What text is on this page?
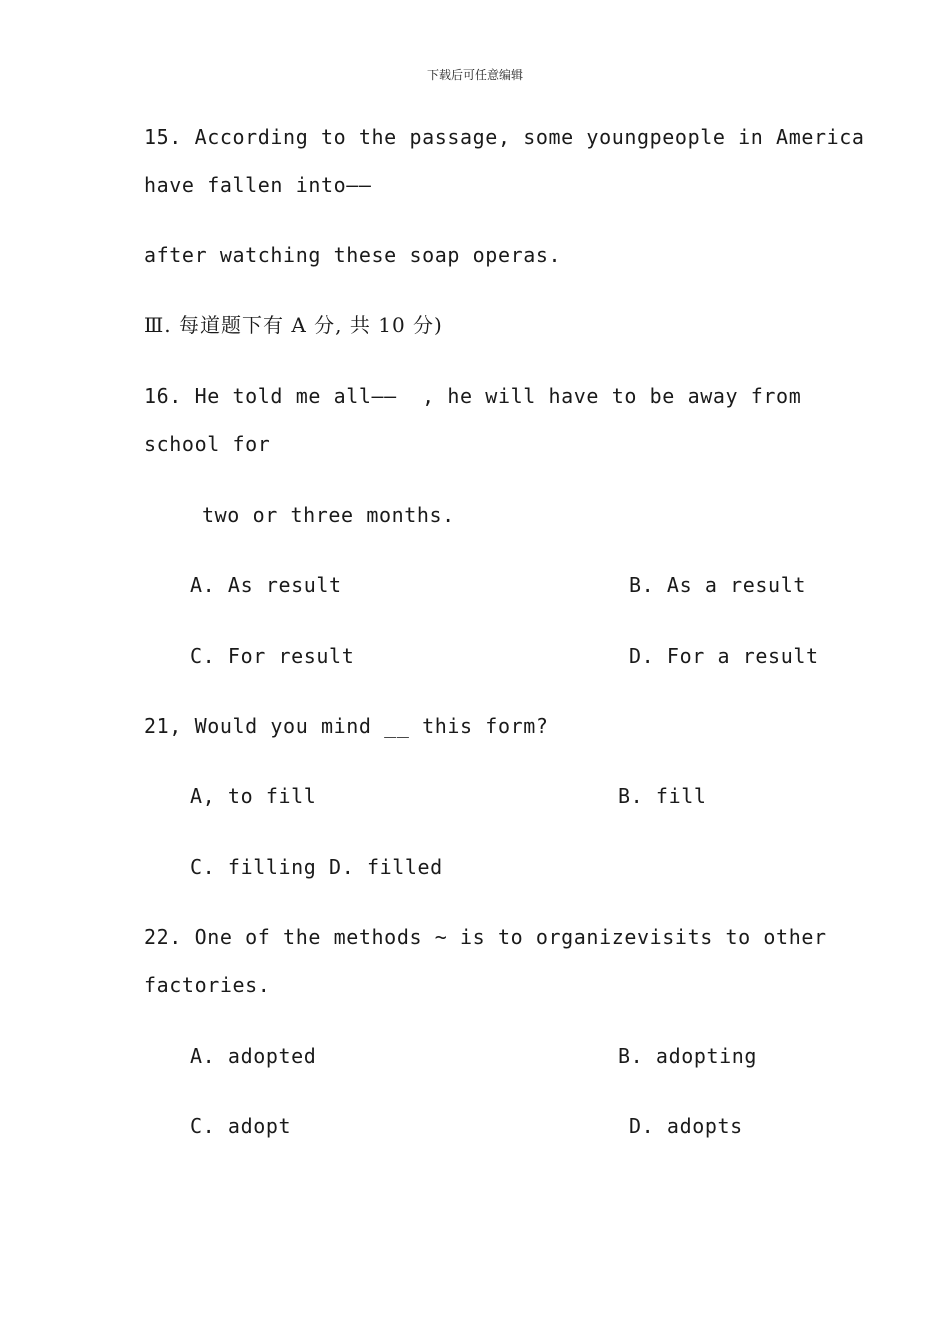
下载后可任意编辑
15. According to the passage, some youngpeople in America
have fallen into——
after watching these soap operas.
Ⅲ. 每道题下有 A 分, 共 10 分)
16. He told me all——  , he will have to be away from
school for
two or three months.
A. As result	B. As a result
C. For result	D. For a result
21, Would you mind __ this form?
A, to fill	B. fill
C. filling D. filled
22. One of the methods ~ is to organizevisits to other
factories.
A. adopted	B. adopting
C. adopt	D. adopts
